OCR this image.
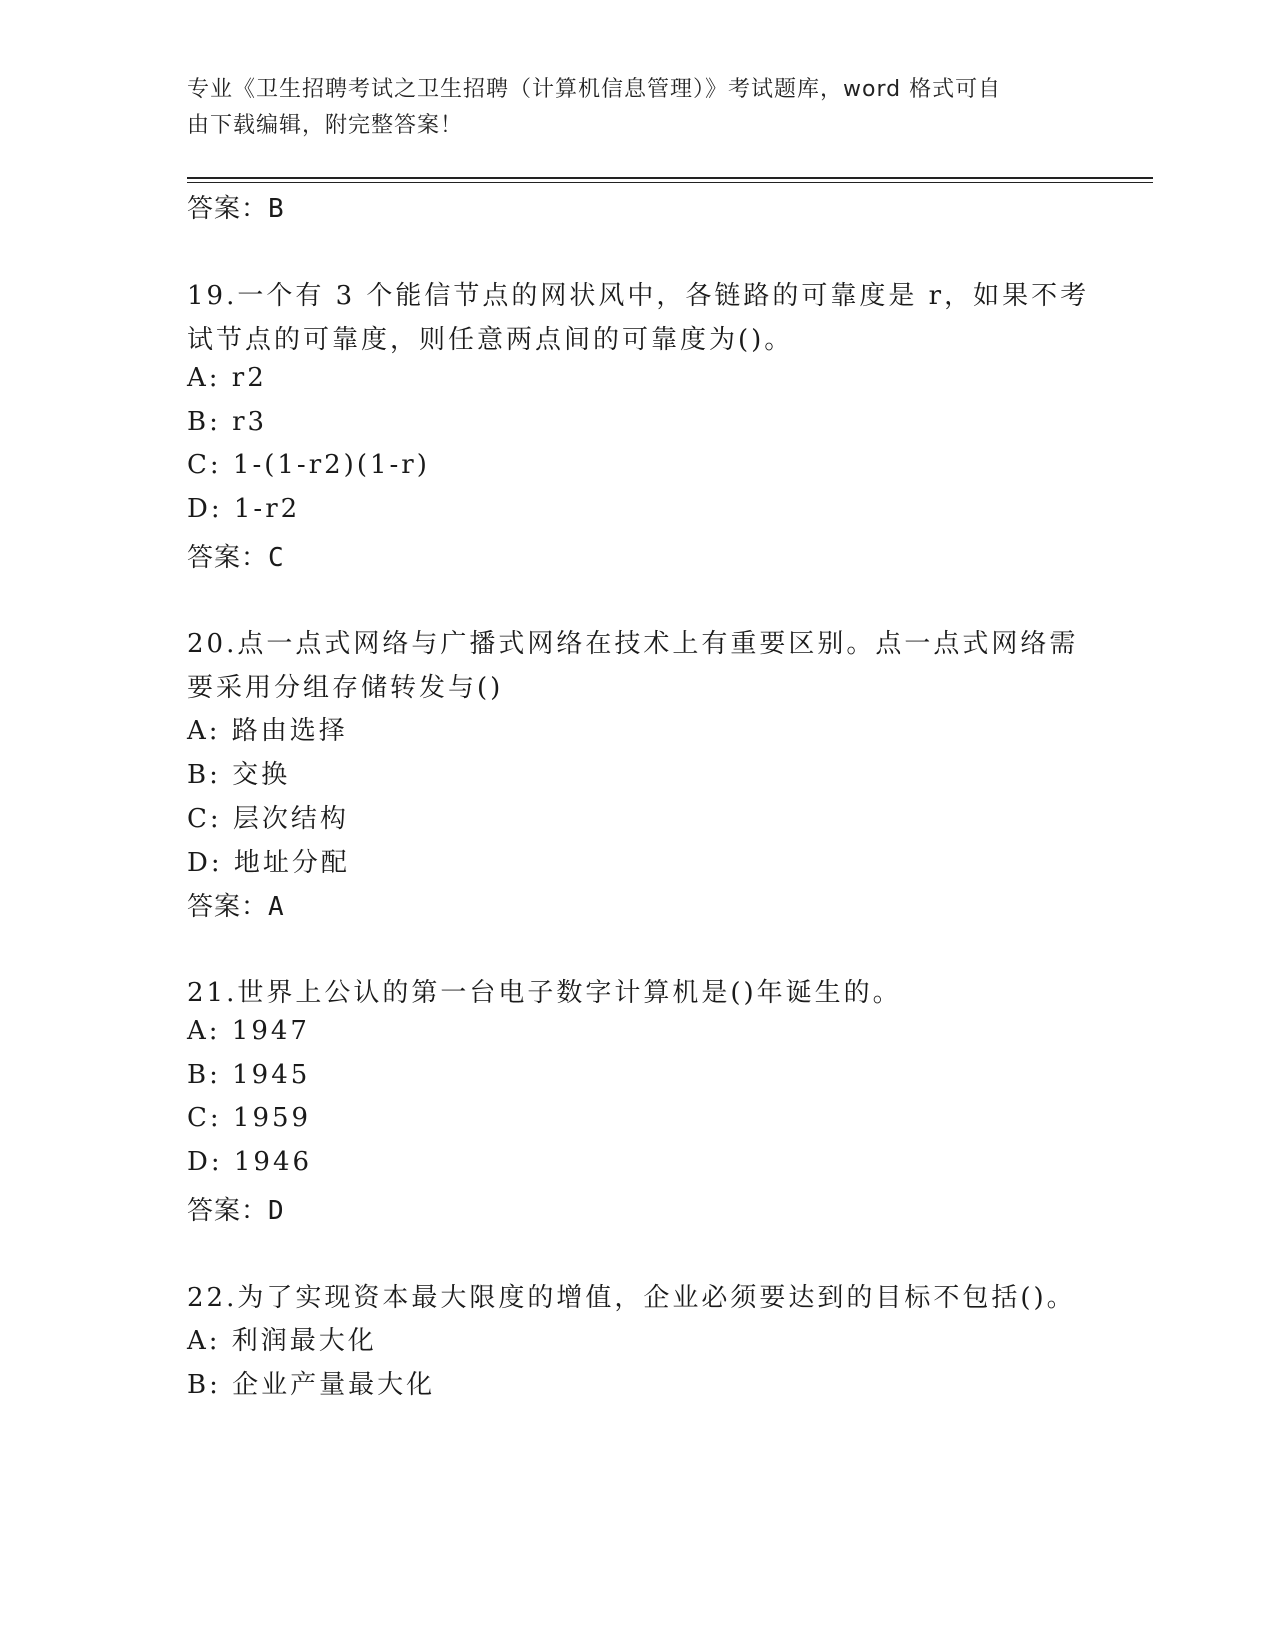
专业《卫生招聘考试之卫生招聘（计算机信息管理）》考试题库，word 格式可自
由下载编辑，附完整答案！
答案：B
19.一个有 3 个能信节点的网状风中，各链路的可靠度是 r，如果不考
试节点的可靠度，则任意两点间的可靠度为()。
A: r2
B: r3
C: 1-(1-r2)(1-r)
D: 1-r2
答案：C
20.点一点式网络与广播式网络在技术上有重要区别。点一点式网络需
要采用分组存储转发与()
A: 路由选择
B: 交换
C: 层次结构
D: 地址分配
答案：A
21.世界上公认的第一台电子数字计算机是()年诞生的。
A: 1947
B: 1945
C: 1959
D: 1946
答案：D
22.为了实现资本最大限度的增值，企业必须要达到的目标不包括()。
A: 利润最大化
B: 企业产量最大化
